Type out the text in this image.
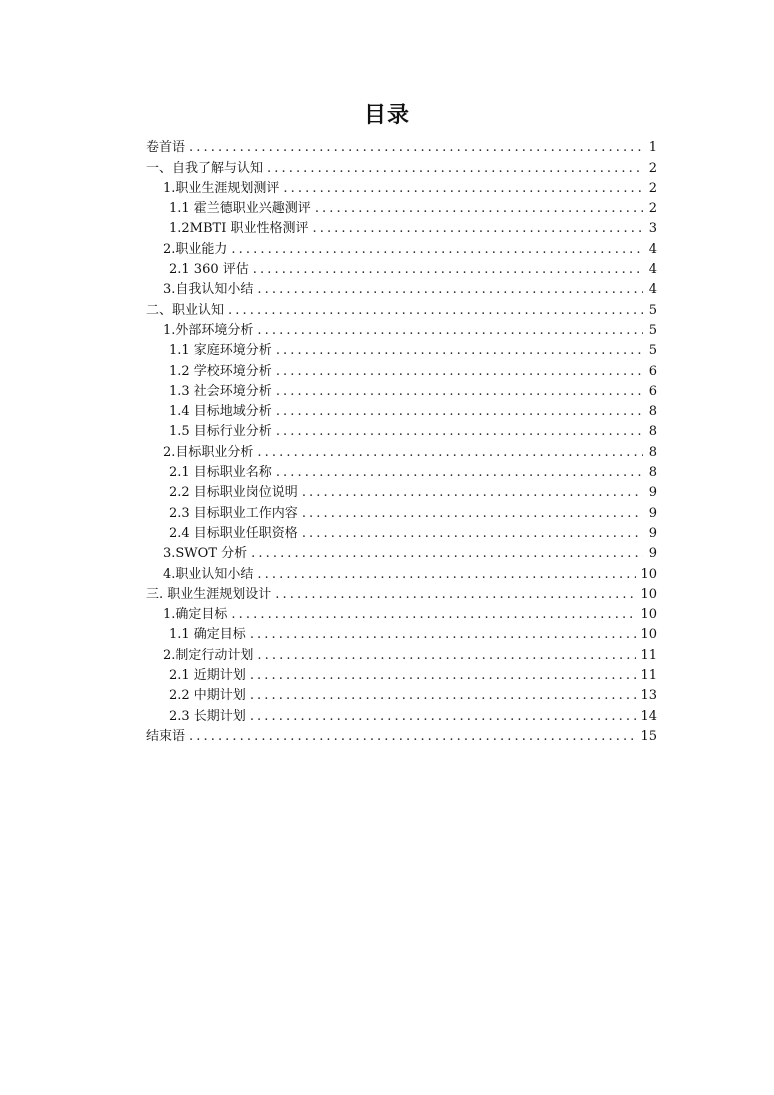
目录
卷首语 .....	1
一、自我了解与认知 .....	2
1.职业生涯规划测评 .....	2
1.1 霍兰德职业兴趣测评 .....	2
1.2MBTI 职业性格测评 .....	3
2.职业能力 .....	4
2.1 360 评估 .....	4
3.自我认知小结 .....	4
二、职业认知 .....	5
1.外部环境分析 .....	5
1.1 家庭环境分析 .....	5
1.2 学校环境分析 .....	6
1.3 社会环境分析 .....	6
1.4 目标地域分析 .....	8
1.5 目标行业分析 .....	8
2.目标职业分析 .....	8
2.1 目标职业名称 .....	8
2.2 目标职业岗位说明 .....	9
2.3 目标职业工作内容 .....	9
2.4 目标职业任职资格 .....	9
3.SWOT 分析 .....	9
4.职业认知小结 .....	10
三. 职业生涯规划设计 .....	10
1.确定目标 .....	10
1.1 确定目标 .....	10
2.制定行动计划 .....	11
2.1 近期计划 .....	11
2.2 中期计划 .....	13
2.3 长期计划 .....	14
结束语 .....	15
